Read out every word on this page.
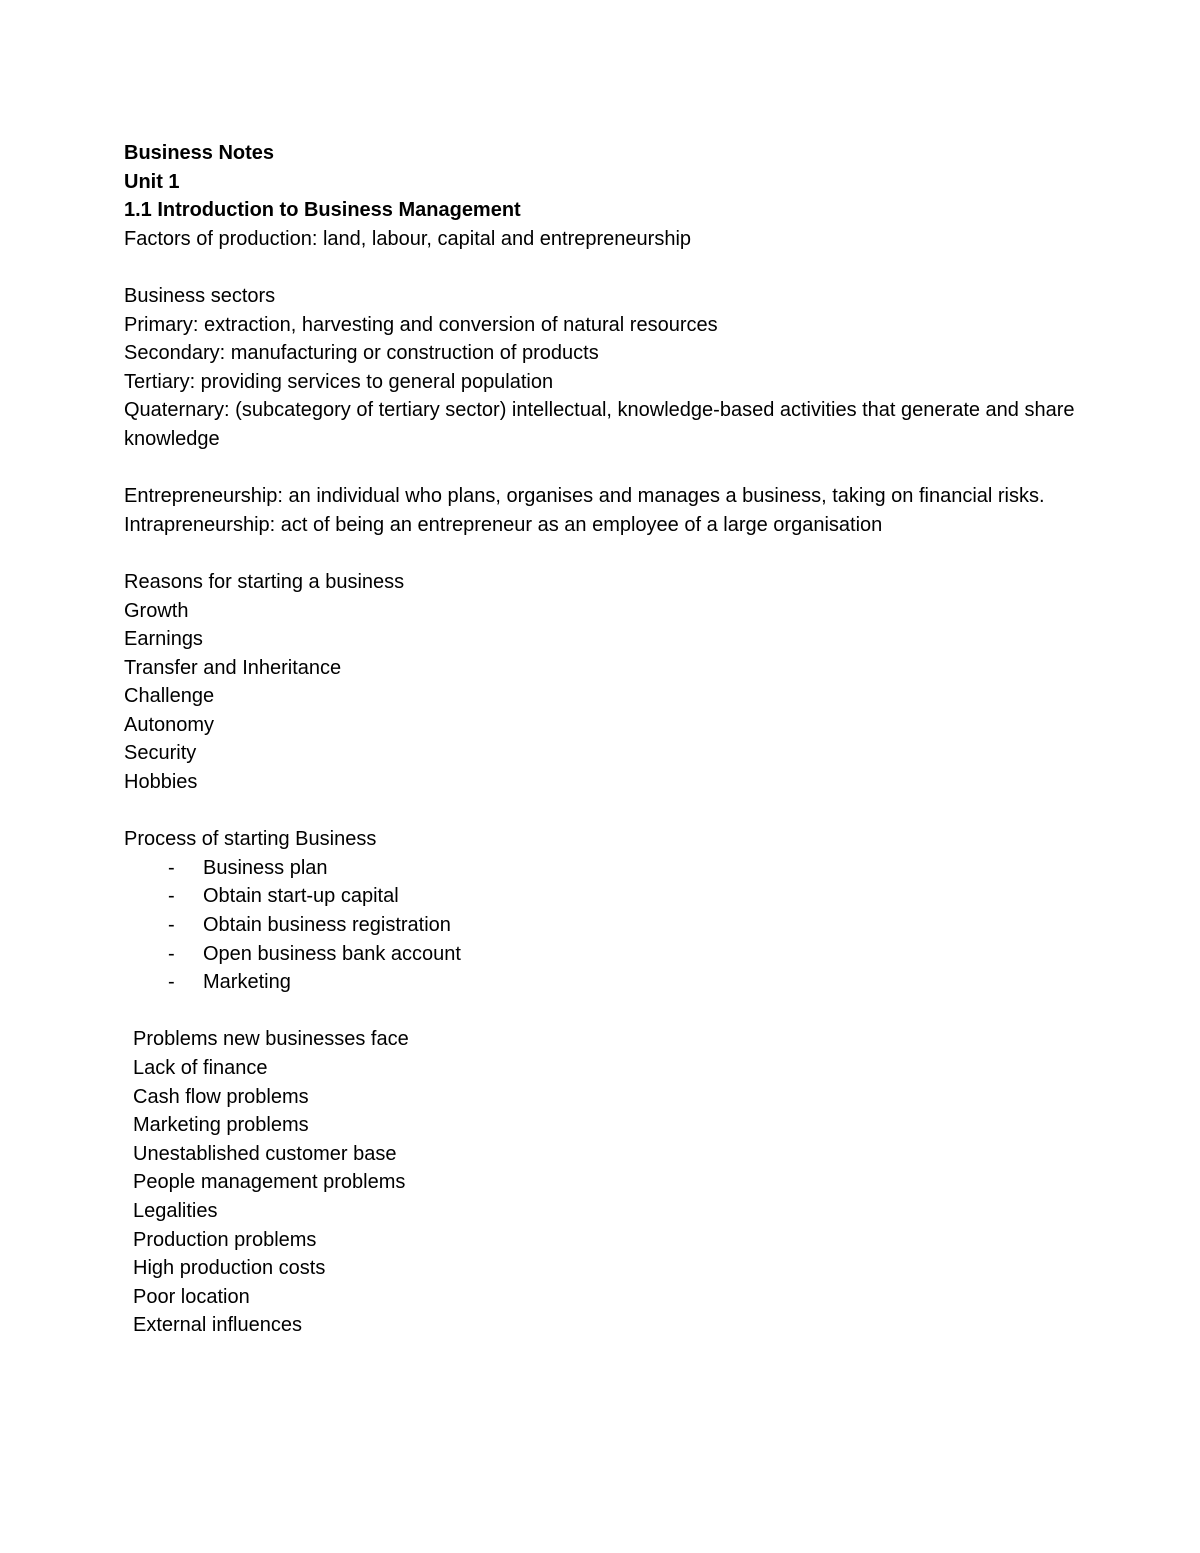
Business Notes
Unit 1
1.1 Introduction to Business Management
Factors of production: land, labour, capital and entrepreneurship
Business sectors
Primary: extraction, harvesting and conversion of natural resources
Secondary: manufacturing or construction of products
Tertiary: providing services to general population
Quaternary: (subcategory of tertiary sector) intellectual, knowledge-based activities that generate and share knowledge
Entrepreneurship: an individual who plans, organises and manages a business, taking on financial risks.
Intrapreneurship: act of being an entrepreneur as an employee of a large organisation
Reasons for starting a business
Growth
Earnings
Transfer and Inheritance
Challenge
Autonomy
Security
Hobbies
Process of starting Business
- Business plan
- Obtain start-up capital
- Obtain business registration
- Open business bank account
- Marketing
Problems new businesses face
Lack of finance
Cash flow problems
Marketing problems
Unestablished customer base
People management problems
Legalities
Production problems
High production costs
Poor location
External influences
